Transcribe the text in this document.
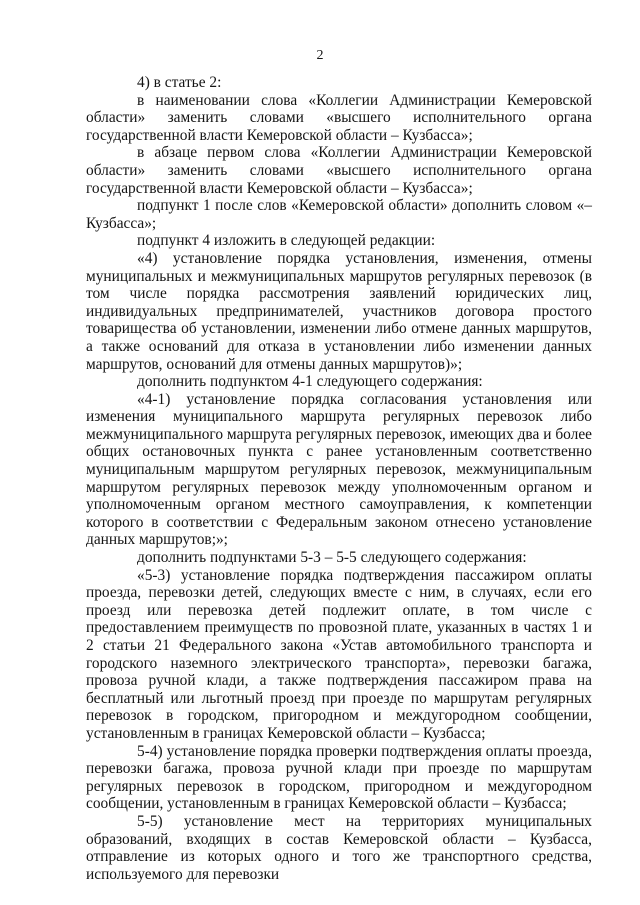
2

4) в статье 2:

в наименовании слова «Коллегии Администрации Кемеровской области» заменить словами «высшего исполнительного органа государственной власти Кемеровской области – Кузбасса»;

в абзаце первом слова «Коллегии Администрации Кемеровской области» заменить словами «высшего исполнительного органа государственной власти Кемеровской области – Кузбасса»;

подпункт 1 после слов «Кемеровской области» дополнить словом «– Кузбасса»;

подпункт 4 изложить в следующей редакции:

«4) установление порядка установления, изменения, отмены муниципальных и межмуниципальных маршрутов регулярных перевозок (в том числе порядка рассмотрения заявлений юридических лиц, индивидуальных предпринимателей, участников договора простого товарищества об установлении, изменении либо отмене данных маршрутов, а также оснований для отказа в установлении либо изменении данных маршрутов, оснований для отмены данных маршрутов)»;

дополнить подпунктом 4-1 следующего содержания:

«4-1) установление порядка согласования установления или изменения муниципального маршрута регулярных перевозок либо межмуниципального маршрута регулярных перевозок, имеющих два и более общих остановочных пункта с ранее установленным соответственно муниципальным маршрутом регулярных перевозок, межмуниципальным маршрутом регулярных перевозок между уполномоченным органом и уполномоченным органом местного самоуправления, к компетенции которого в соответствии с Федеральным законом отнесено установление данных маршрутов;»;

дополнить подпунктами 5-3 – 5-5 следующего содержания:

«5-3) установление порядка подтверждения пассажиром оплаты проезда, перевозки детей, следующих вместе с ним, в случаях, если его проезд или перевозка детей подлежит оплате, в том числе с предоставлением преимуществ по провозной плате, указанных в частях 1 и 2 статьи 21 Федерального закона «Устав автомобильного транспорта и городского наземного электрического транспорта», перевозки багажа, провоза ручной клади, а также подтверждения пассажиром права на бесплатный или льготный проезд при проезде по маршрутам регулярных перевозок в городском, пригородном и междугородном сообщении, установленным в границах Кемеровской области – Кузбасса;

5-4) установление порядка проверки подтверждения оплаты проезда, перевозки багажа, провоза ручной клади при проезде по маршрутам регулярных перевозок в городском, пригородном и междугородном сообщении, установленным в границах Кемеровской области – Кузбасса;

5-5) установление мест на территориях муниципальных образований, входящих в состав Кемеровской области – Кузбасса, отправление из которых одного и того же транспортного средства, используемого для перевозки
